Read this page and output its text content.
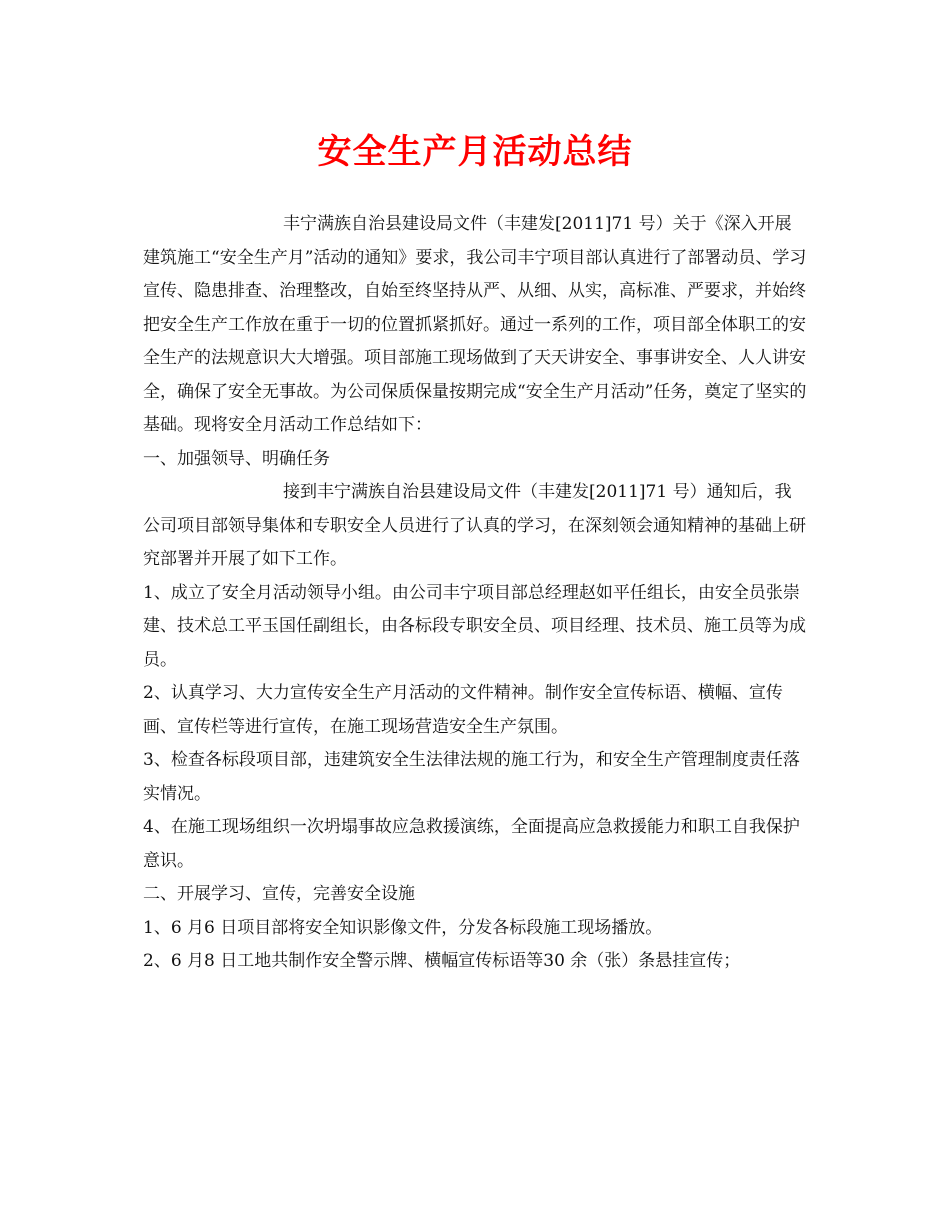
安全生产月活动总结

丰宁满族自治县建设局文件（丰建发[2011]71 号）关于《深入开展建筑施工“安全生产月”活动的通知》要求，我公司丰宁项目部认真进行了部署动员、学习宣传、隐患排查、治理整改，自始至终坚持从严、从细、从实，高标准、严要求，并始终把安全生产工作放在重于一切的位置抓紧抓好。通过一系列的工作，项目部全体职工的安全生产的法规意识大大增强。项目部施工现场做到了天天讲安全、事事讲安全、人人讲安全，确保了安全无事故。为公司保质保量按期完成“安全生产月活动”任务，奠定了坚实的基础。现将安全月活动工作总结如下：

一、加强领导、明确任务

接到丰宁满族自治县建设局文件（丰建发[2011]71 号）通知后，我公司项目部领导集体和专职安全人员进行了认真的学习，在深刻领会通知精神的基础上研究部署并开展了如下工作。

1、成立了安全月活动领导小组。由公司丰宁项目部总经理赵如平任组长，由安全员张崇建、技术总工平玉国任副组长，由各标段专职安全员、项目经理、技术员、施工员等为成员。

2、认真学习、大力宣传安全生产月活动的文件精神。制作安全宣传标语、横幅、宣传画、宣传栏等进行宣传，在施工现场营造安全生产氛围。

3、检查各标段项目部，违建筑安全生法律法规的施工行为，和安全生产管理制度责任落实情况。

4、在施工现场组织一次坍塌事故应急救援演练，全面提高应急救援能力和职工自我保护意识。

二、开展学习、宣传，完善安全设施

1、6 月6 日项目部将安全知识影像文件，分发各标段施工现场播放。

2、6 月8 日工地共制作安全警示牌、横幅宣传标语等30 余（张）条悬挂宣传；
